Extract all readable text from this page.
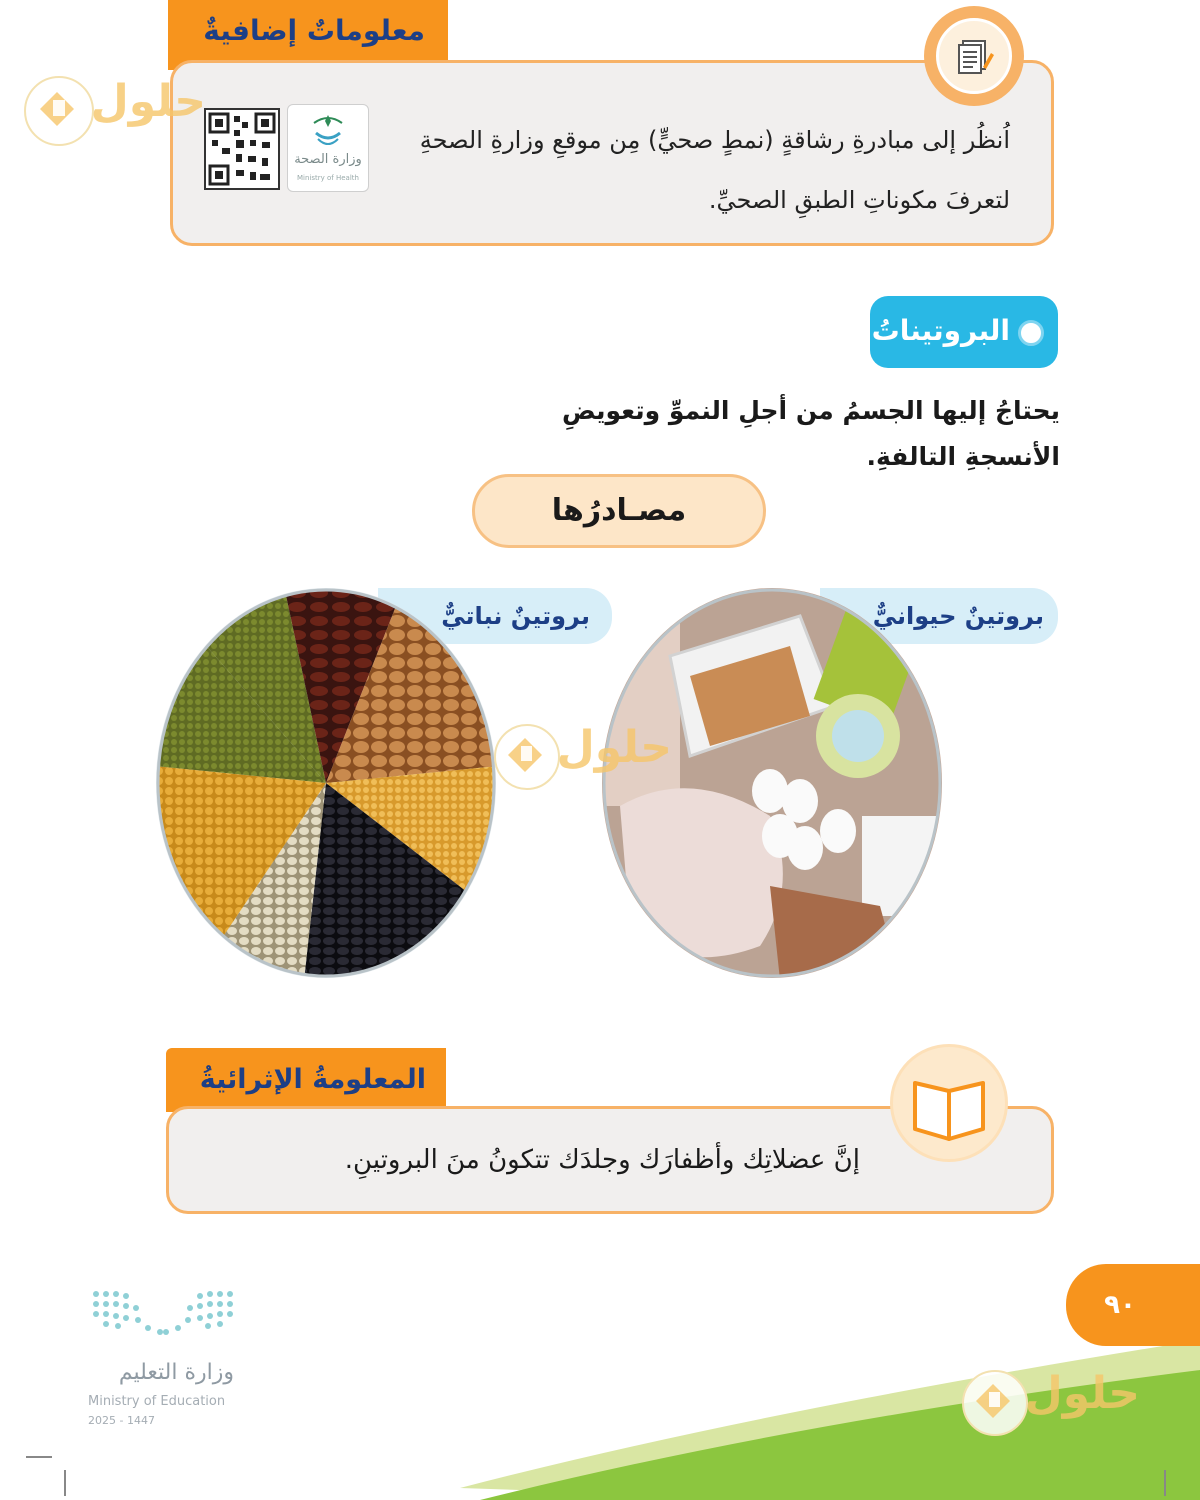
معلوماتٌ إضافيةٌ
اُنظُر إلى مبادرةِ رشاقةٍ (نمطٍ صحيٍّ) مِن موقعِ وزارةِ الصحةِ لتعرفَ مكوناتِ الطبقِ الصحيِّ.
وزارة الصحة
Ministry of Health
حلول
البروتيناتُ:
يحتاجُ إليها الجسمُ من أجلِ النموِّ وتعويضِ الأنسجةِ التالفةِ.
مصـادرُها
بروتينٌ حيوانيٌّ
بروتينٌ نباتيٌّ
حلول
المعلومةُ الإثرائيةُ
إنَّ عضلاتِك وأظفارَك وجلدَك تتكونُ منَ البروتينِ.
٩٠
وزارة التعليم
Ministry of Education
2025 - 1447
حلول
